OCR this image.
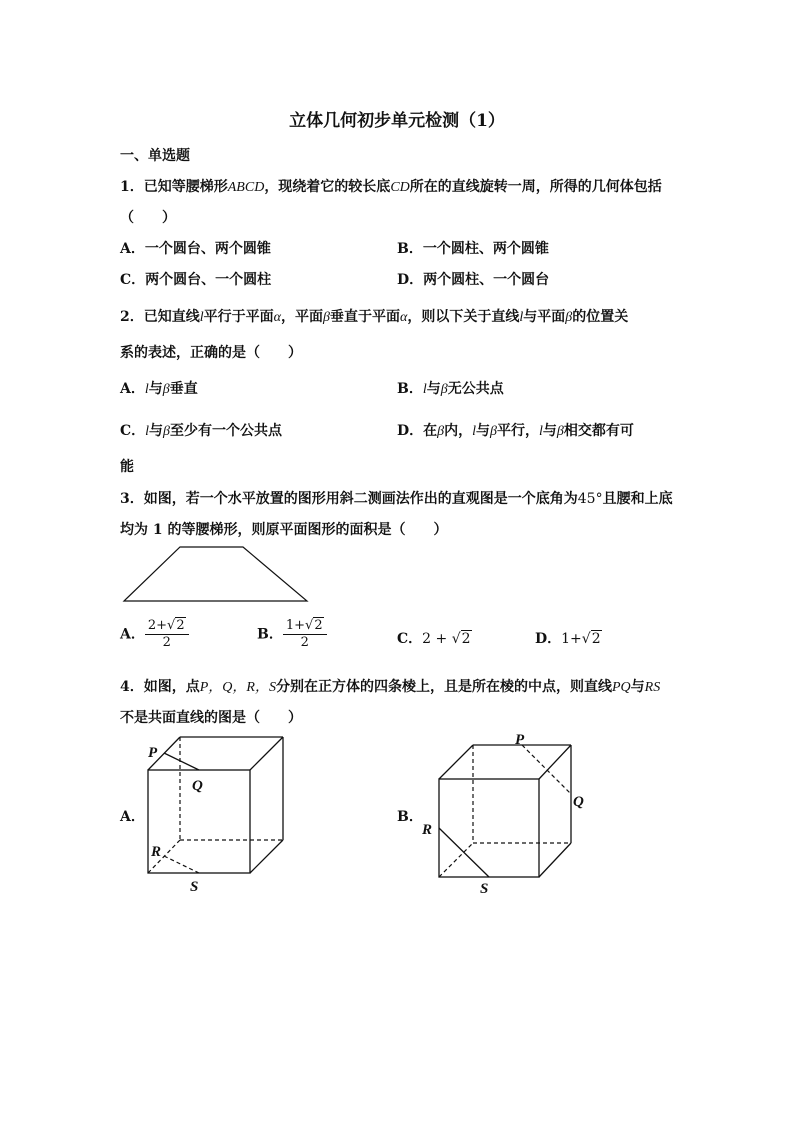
立体几何初步单元检测（1）
一、单选题
1．已知等腰梯形ABCD，现绕着它的较长底CD所在的直线旋转一周，所得的几何体包括
（　　）
A．一个圆台、两个圆锥	B．一个圆柱、两个圆锥
C．两个圆台、一个圆柱	D．两个圆柱、一个圆台
2．已知直线l平行于平面α，平面β垂直于平面α，则以下关于直线l与平面β的位置关
系的表述，正确的是（　　）
A．l与β垂直	B．l与β无公共点
C．l与β至少有一个公共点	D．在β内，l与β平行，l与β相交都有可
能
3．如图，若一个水平放置的图形用斜二测画法作出的直观图是一个底角为45°且腰和上底
均为 1 的等腰梯形，则原平面图形的面积是（　　）
A． $\frac{2+√2}{2}$	B． $\frac{1+√2}{2}$	C．2 + √2	D．1+√2
4．如图，点P，Q，R，S分别在正方体的四条棱上，且是所在棱的中点，则直线PQ与RS
不是共面直线的图是（　　）
A．	B．
P
Q
R
S
P
Q
R
S
